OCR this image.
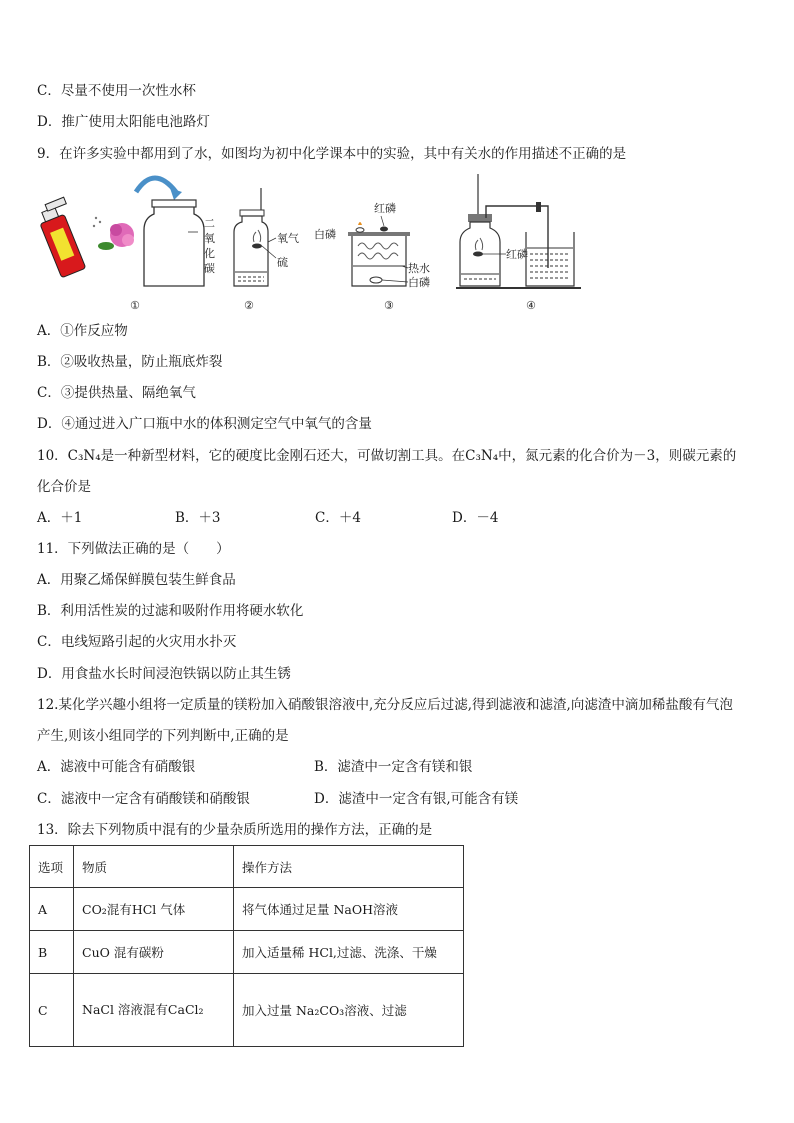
C．尽量不使用一次性水杯
D．推广使用太阳能电池路灯
9．在许多实验中都用到了水，如图均为初中化学课本中的实验，其中有关水的作用描述不正确的是
二
氧
化
碳
①
氧气
硫
②
红磷
白磷
热水
白磷
③
红磷
④
A．①作反应物
B．②吸收热量，防止瓶底炸裂
C．③提供热量、隔绝氧气
D．④通过进入广口瓶中水的体积测定空气中氧气的含量
10．C₃N₄是一种新型材料，它的硬度比金刚石还大，可做切割工具。在C₃N₄中，氮元素的化合价为－3，则碳元素的
化合价是
A．＋1	B．＋3	C．＋4	D．－4
11．下列做法正确的是（　　）
A．用聚乙烯保鲜膜包装生鲜食品
B．利用活性炭的过滤和吸附作用将硬水软化
C．电线短路引起的火灾用水扑灭
D．用食盐水长时间浸泡铁锅以防止其生锈
12.某化学兴趣小组将一定质量的镁粉加入硝酸银溶液中,充分反应后过滤,得到滤液和滤渣,向滤渣中滴加稀盐酸有气泡
产生,则该小组同学的下列判断中,正确的是
A．滤液中可能含有硝酸银	B．滤渣中一定含有镁和银
C．滤液中一定含有硝酸镁和硝酸银	D．滤渣中一定含有银,可能含有镁
13．除去下列物质中混有的少量杂质所选用的操作方法，正确的是
选项	物质	操作方法
A	CO₂混有HCl 气体	将气体通过足量 NaOH溶液
B	CuO 混有碳粉	加入适量稀 HCl,过滤、洗涤、干燥
C	NaCl 溶液混有CaCl₂	加入过量 Na₂CO₃溶液、过滤
